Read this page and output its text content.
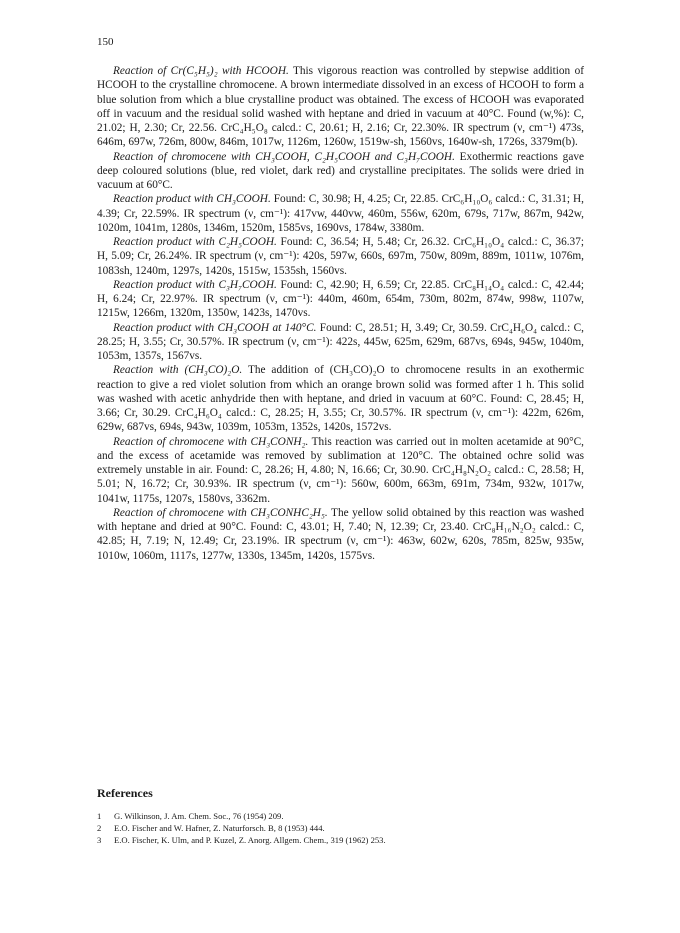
150

Reaction of Cr(C₅H₅)₂ with HCOOH. This vigorous reaction was controlled by stepwise addition of HCOOH to the crystalline chromocene. A brown intermediate dissolved in an excess of HCOOH to form a blue solution from which a blue crystalline product was obtained. The excess of HCOOH was evaporated off in vacuum and the residual solid washed with heptane and dried in vacuum at 40°C. Found (w,%): C, 21.02; H, 2.30; Cr, 22.56. CrC₄H₅O₈ calcd.: C, 20.61; H, 2.16; Cr, 22.30%. IR spectrum (ν, cm⁻¹) 473s, 646m, 697w, 726m, 800w, 846m, 1017w, 1126m, 1260w, 1519w-sh, 1560vs, 1640w-sh, 1726s, 3379m(b).

Reaction of chromocene with CH₃COOH, C₂H₅COOH and C₃H₇COOH. Exothermic reactions gave deep coloured solutions (blue, red violet, dark red) and crystalline precipitates. The solids were dried in vacuum at 60°C.

Reaction product with CH₃COOH. Found: C, 30.98; H, 4.25; Cr, 22.85. CrC₆H₁₀O₆ calcd.: C, 31.31; H, 4.39; Cr, 22.59%. IR spectrum (ν, cm⁻¹): 417vw, 440vw, 460m, 556w, 620m, 679s, 717w, 867m, 942w, 1020m, 1041m, 1280s, 1346m, 1520m, 1585vs, 1690vs, 1784w, 3380m.

Reaction product with C₂H₅COOH. Found: C, 36.54; H, 5.48; Cr, 26.32. CrC₆H₁₀O₄ calcd.: C, 36.37; H, 5.09; Cr, 26.24%. IR spectrum (ν, cm⁻¹): 420s, 597w, 660s, 697m, 750w, 809m, 889m, 1011w, 1076m, 1083sh, 1240m, 1297s, 1420s, 1515w, 1535sh, 1560vs.

Reaction product with C₃H₇COOH. Found: C, 42.90; H, 6.59; Cr, 22.85. CrC₈H₁₄O₄ calcd.: C, 42.44; H, 6.24; Cr, 22.97%. IR spectrum (ν, cm⁻¹): 440m, 460m, 654m, 730m, 802m, 874w, 998w, 1107w, 1215w, 1266m, 1320m, 1350w, 1423s, 1470vs.

Reaction product with CH₃COOH at 140°C. Found: C, 28.51; H, 3.49; Cr, 30.59. CrC₄H₆O₄ calcd.: C, 28.25; H, 3.55; Cr, 30.57%. IR spectrum (ν, cm⁻¹): 422s, 445w, 625m, 629m, 687vs, 694s, 945w, 1040m, 1053m, 1357s, 1567vs.

Reaction with (CH₃CO)₂O. The addition of (CH₃CO)₂O to chromocene results in an exothermic reaction to give a red violet solution from which an orange brown solid was formed after 1 h. This solid was washed with acetic anhydride then with heptane, and dried in vacuum at 60°C. Found: C, 28.45; H, 3.66; Cr, 30.29. CrC₄H₆O₄ calcd.: C, 28.25; H, 3.55; Cr, 30.57%. IR spectrum (ν, cm⁻¹): 422m, 626m, 629w, 687vs, 694s, 943w, 1039m, 1053m, 1352s, 1420s, 1572vs.

Reaction of chromocene with CH₃CONH₂. This reaction was carried out in molten acetamide at 90°C, and the excess of acetamide was removed by sublimation at 120°C. The obtained ochre solid was extremely unstable in air. Found: C, 28.26; H, 4.80; N, 16.66; Cr, 30.90. CrC₄H₈N₂O₂ calcd.: C, 28.58; H, 5.01; N, 16.72; Cr, 30.93%. IR spectrum (ν, cm⁻¹): 560w, 600m, 663m, 691m, 734m, 932w, 1017w, 1041w, 1175s, 1207s, 1580vs, 3362m.

Reaction of chromocene with CH₃CONHC₂H₅. The yellow solid obtained by this reaction was washed with heptane and dried at 90°C. Found: C, 43.01; H, 7.40; N, 12.39; Cr, 23.40. CrC₈H₁₆N₂O₂ calcd.: C, 42.85; H, 7.19; N, 12.49; Cr, 23.19%. IR spectrum (ν, cm⁻¹): 463w, 602w, 620s, 785m, 825w, 935w, 1010w, 1060m, 1117s, 1277w, 1330s, 1345m, 1420s, 1575vs.

References
1 G. Wilkinson, J. Am. Chem. Soc., 76 (1954) 209.
2 E.O. Fischer and W. Hafner, Z. Naturforsch. B, 8 (1953) 444.
3 E.O. Fischer, K. Ulm, and P. Kuzel, Z. Anorg. Allgem. Chem., 319 (1962) 253.
